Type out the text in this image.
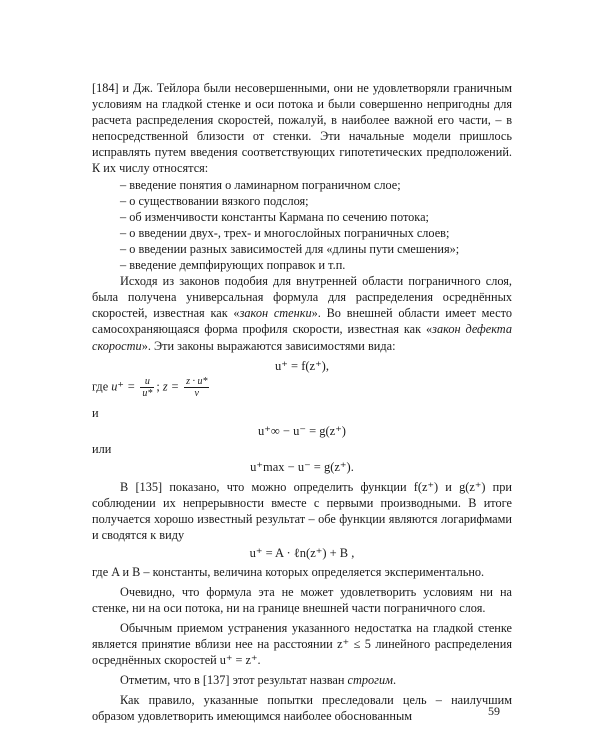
[184] и Дж. Тейлора были несовершенными, они не удовлетворяли граничным условиям на гладкой стенке и оси потока и были совершенно непригодны для расчета распределения скоростей, пожалуй, в наиболее важной его части, – в непосредственной близости от стенки. Эти начальные модели пришлось исправлять путем введения соответствующих гипотетических предположений. К их числу относятся:

– введение понятия о ламинарном пограничном слое;
– о существовании вязкого подслоя;
– об изменчивости константы Кармана по сечению потока;
– о введении двух-, трех- и многослойных пограничных слоев;
– о введении разных зависимостей для «длины пути смешения»;
– введение демпфирующих поправок и т.п.

Исходя из законов подобия для внутренней области пограничного слоя, была получена универсальная формула для распределения осреднённых скоростей, известная как «закон стенки». Во внешней области имеет место самосохраняющаяся форма профиля скорости, известная как «закон дефекта скорости». Эти законы выражаются зависимостями вида:

u⁺ = f(z⁺),
где $u^+ = \frac{u}{u*}$ ; $z = \frac{z \cdot u*}{\nu}$
и
u⁺∞ − u⁻ = g(z⁺)
или
u⁺max − u⁻ = g(z⁺).

В [135] показано, что можно определить функции f(z⁺) и g(z⁺) при соблюдении их непрерывности вместе с первыми производными. В итоге получается хорошо известный результат – обе функции являются логарифмами и сводятся к виду

u⁺ = A · ℓn(z⁺) + B ,

где A и B – константы, величина которых определяется экспериментально.

Очевидно, что формула эта не может удовлетворить условиям ни на стенке, ни на оси потока, ни на границе внешней части пограничного слоя.

Обычным приемом устранения указанного недостатка на гладкой стенке является принятие вблизи нее на расстоянии z⁺ ≤ 5 линейного распределения осреднённых скоростей u⁺ = z⁺.

Отметим, что в [137] этот результат назван строгим.

Как правило, указанные попытки преследовали цель – наилучшим образом удовлетворить имеющимся наиболее обоснованным	59
